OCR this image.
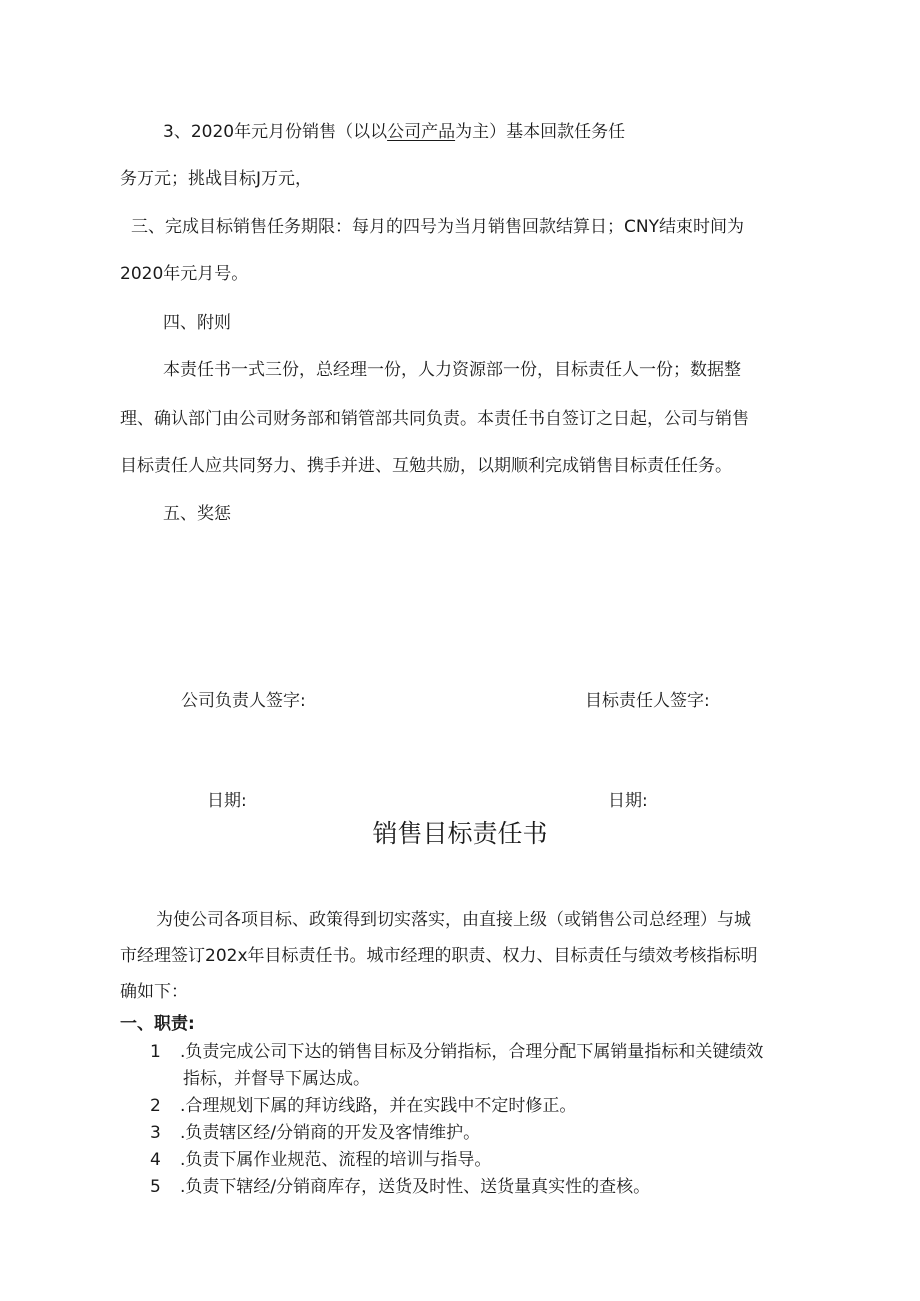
3、2020年元月份销售（以以公司产品为主）基本回款任务任
务万元；挑战目标J万元，
三、完成目标销售任务期限：每月的四号为当月销售回款结算日；CNY结束时间为
2020年元月号。
四、附则
本责任书一式三份，总经理一份，人力资源部一份，目标责任人一份；数据整
理、确认部门由公司财务部和销管部共同负责。本责任书自签订之日起，公司与销售
目标责任人应共同努力、携手并进、互勉共励，以期顺利完成销售目标责任任务。
五、奖惩
公司负责人签字:	目标责任人签字:
日期:	日期:
销售目标责任书
为使公司各项目标、政策得到切实落实，由直接上级（或销售公司总经理）与城
市经理签订202x年目标责任书。城市经理的职责、权力、目标责任与绩效考核指标明
确如下：
一、职责:
1 .负责完成公司下达的销售目标及分销指标，合理分配下属销量指标和关键绩效
指标，并督导下属达成。
2 .合理规划下属的拜访线路，并在实践中不定时修正。
3 .负责辖区经/分销商的开发及客情维护。
4 .负责下属作业规范、流程的培训与指导。
5 .负责下辖经/分销商库存，送货及时性、送货量真实性的查核。
